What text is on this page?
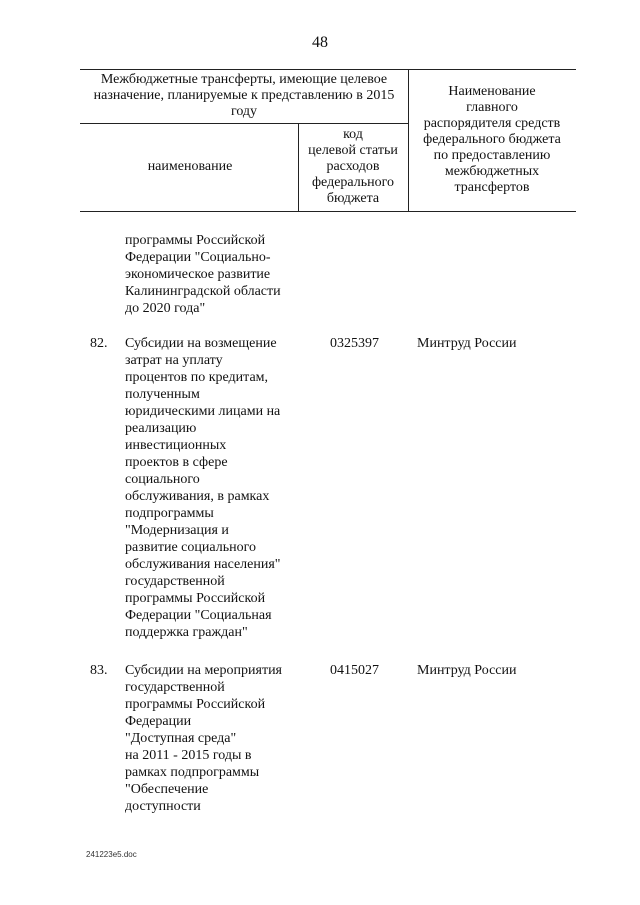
48
Межбюджетные трансферты, имеющие целевое назначение, планируемые к представлению в 2015 году
наименование
код
целевой статьи
расходов
федерального
бюджета
Наименование
главного
распорядителя средств
федерального бюджета
по предоставлению
межбюджетных
трансфертов
программы Российской
Федерации "Социально-
экономическое развитие
Калининградской области
до 2020 года"
82. Субсидии на возмещение
затрат на уплату
процентов по кредитам,
полученным
юридическими лицами на
реализацию
инвестиционных
проектов в сфере
социального
обслуживания, в рамках
подпрограммы
"Модернизация и
развитие социального
обслуживания населения"
государственной
программы Российской
Федерации "Социальная
поддержка граждан"
0325397	Минтруд России
83. Субсидии на мероприятия
государственной
программы Российской
Федерации
"Доступная среда"
на 2011 - 2015 годы в
рамках подпрограммы
"Обеспечение
доступности
0415027	Минтруд России
241223e5.doc
